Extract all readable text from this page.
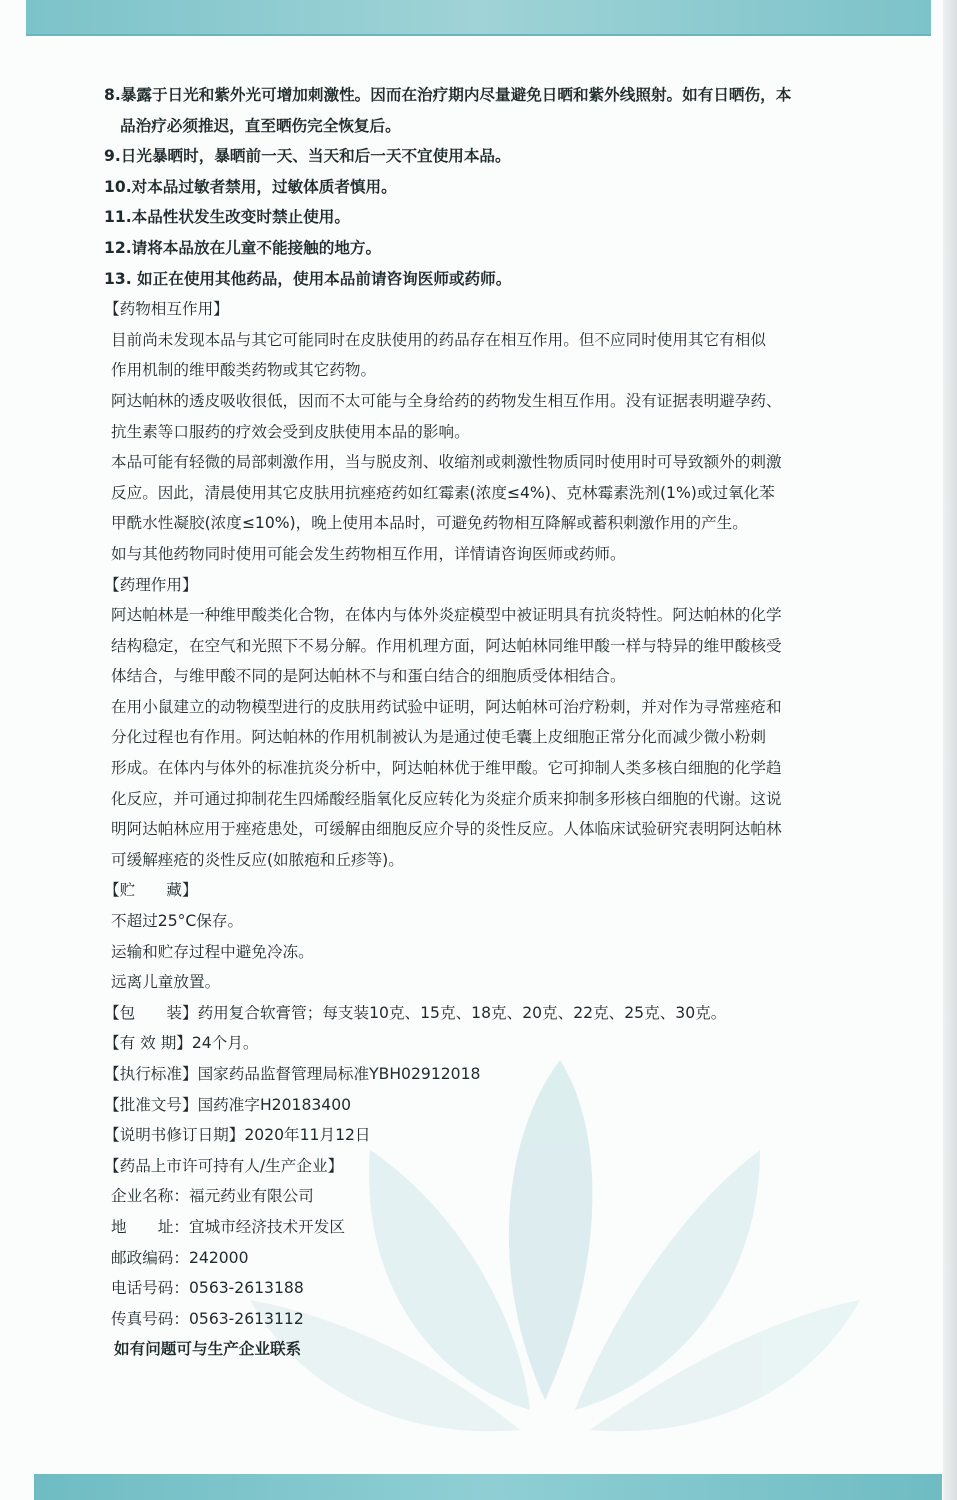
8.暴露于日光和紫外光可增加刺激性。因而在治疗期内尽量避免日晒和紫外线照射。如有日晒伤，本

品治疗必须推迟，直至晒伤完全恢复后。

9.日光暴晒时，暴晒前一天、当天和后一天不宜使用本品。

10.对本品过敏者禁用，过敏体质者慎用。

11.本品性状发生改变时禁止使用。

12.请将本品放在儿童不能接触的地方。

13. 如正在使用其他药品，使用本品前请咨询医师或药师。

【药物相互作用】

目前尚未发现本品与其它可能同时在皮肤使用的药品存在相互作用。但不应同时使用其它有相似

作用机制的维甲酸类药物或其它药物。

阿达帕林的透皮吸收很低，因而不太可能与全身给药的药物发生相互作用。没有证据表明避孕药、

抗生素等口服药的疗效会受到皮肤使用本品的影响。

本品可能有轻微的局部刺激作用，当与脱皮剂、收缩剂或刺激性物质同时使用时可导致额外的刺激

反应。因此，清晨使用其它皮肤用抗痤疮药如红霉素(浓度≤4%)、克林霉素洗剂(1%)或过氧化苯

甲酰水性凝胶(浓度≤10%)，晚上使用本品时，可避免药物相互降解或蓄积刺激作用的产生。

如与其他药物同时使用可能会发生药物相互作用，详情请咨询医师或药师。

【药理作用】

阿达帕林是一种维甲酸类化合物，在体内与体外炎症模型中被证明具有抗炎特性。阿达帕林的化学

结构稳定，在空气和光照下不易分解。作用机理方面，阿达帕林同维甲酸一样与特异的维甲酸核受

体结合，与维甲酸不同的是阿达帕林不与和蛋白结合的细胞质受体相结合。

在用小鼠建立的动物模型进行的皮肤用药试验中证明，阿达帕林可治疗粉刺，并对作为寻常痤疮和

分化过程也有作用。阿达帕林的作用机制被认为是通过使毛囊上皮细胞正常分化而减少微小粉刺

形成。在体内与体外的标准抗炎分析中，阿达帕林优于维甲酸。它可抑制人类多核白细胞的化学趋

化反应，并可通过抑制花生四烯酸经脂氧化反应转化为炎症介质来抑制多形核白细胞的代谢。这说

明阿达帕林应用于痤疮患处，可缓解由细胞反应介导的炎性反应。人体临床试验研究表明阿达帕林

可缓解痤疮的炎性反应(如脓疱和丘疹等)。

【贮　　藏】

不超过25°C保存。

运输和贮存过程中避免冷冻。

远离儿童放置。

【包　　装】药用复合软膏管；每支装10克、15克、18克、20克、22克、25克、30克。

【有 效 期】24个月。

【执行标准】国家药品监督管理局标准YBH02912018

【批准文号】国药准字H20183400

【说明书修订日期】2020年11月12日

【药品上市许可持有人/生产企业】

企业名称：福元药业有限公司

地　　址：宜城市经济技术开发区

邮政编码：242000

电话号码：0563-2613188

传真号码：0563-2613112

如有问题可与生产企业联系
